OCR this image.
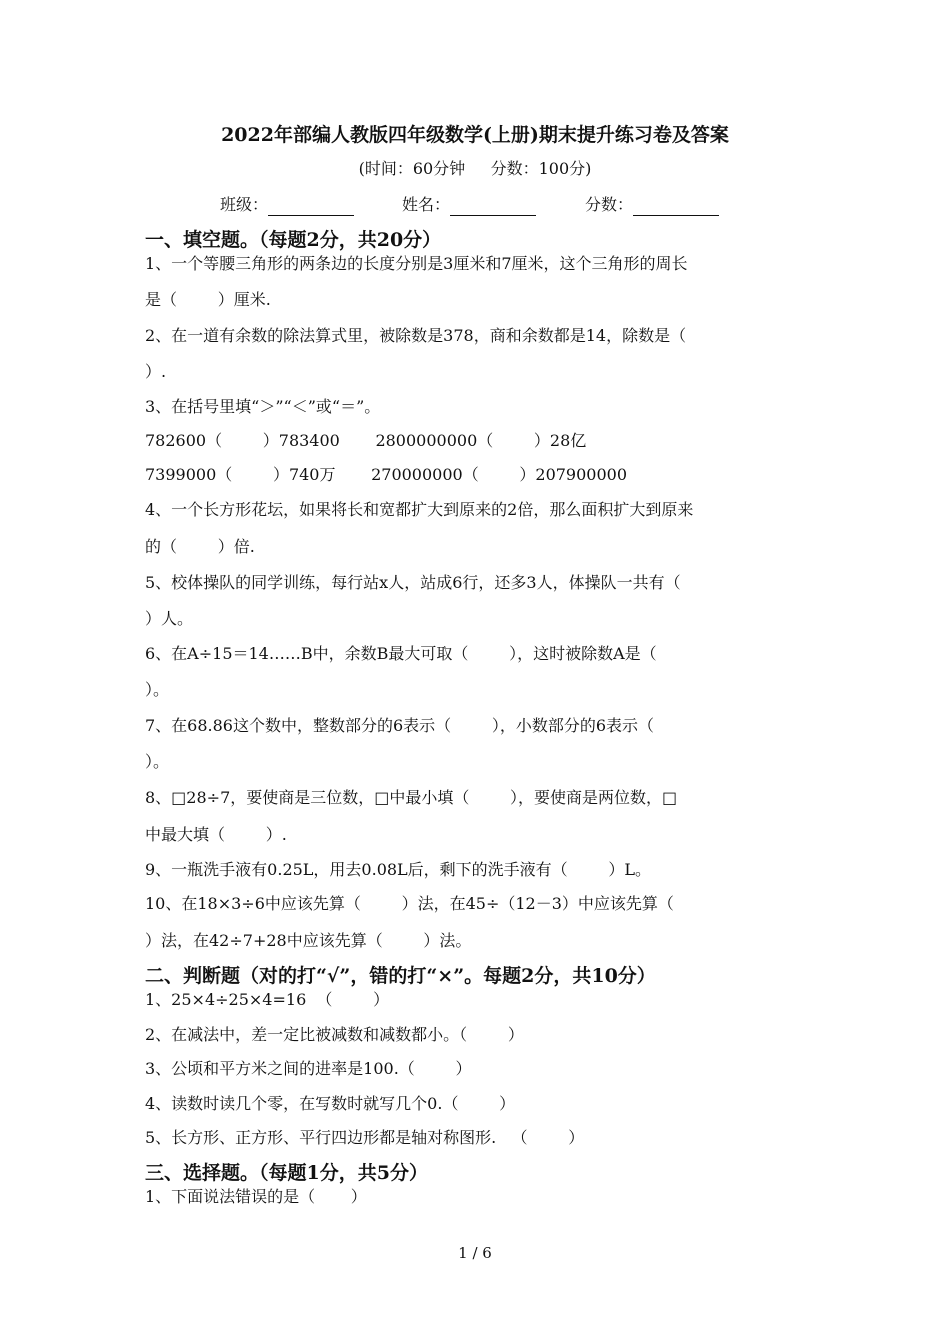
2022年部编人教版四年级数学(上册)期末提升练习卷及答案
(时间：60分钟     分数：100分)
班级：	姓名：	分数：
一、填空题。（每题2分，共20分）
1、一个等腰三角形的两条边的长度分别是3厘米和7厘米，这个三角形的周长
是（        ）厘米.
2、在一道有余数的除法算式里，被除数是378，商和余数都是14，除数是（
）.
3、在括号里填“＞”“＜”或“＝”。
782600（        ）783400       2800000000（        ）28亿
7399000（        ）740万       270000000（        ）207900000
4、一个长方形花坛，如果将长和宽都扩大到原来的2倍，那么面积扩大到原来
的（        ）倍.
5、校体操队的同学训练，每行站x人，站成6行，还多3人，体操队一共有（
）人。
6、在A÷15＝14……B中，余数B最大可取（        ），这时被除数A是（
）。
7、在68.86这个数中，整数部分的6表示（        ），小数部分的6表示（
）。
8、□28÷7，要使商是三位数，□中最小填（        ），要使商是两位数，□
中最大填（        ）.
9、一瓶洗手液有0.25L，用去0.08L后，剩下的洗手液有（        ）L。
10、在18×3÷6中应该先算（        ）法，在45÷（12－3）中应该先算（
）法，在42÷7+28中应该先算（        ）法。
二、判断题（对的打“√”，错的打“×”。每题2分，共10分）
1、25×4÷25×4=16  （        ）
2、在减法中，差一定比被减数和减数都小。（        ）
3、公顷和平方米之间的进率是100.（        ）
4、读数时读几个零，在写数时就写几个0.（        ）
5、长方形、正方形、平行四边形都是轴对称图形.   （        ）
三、选择题。（每题1分，共5分）
1、下面说法错误的是（       ）
1 / 6
